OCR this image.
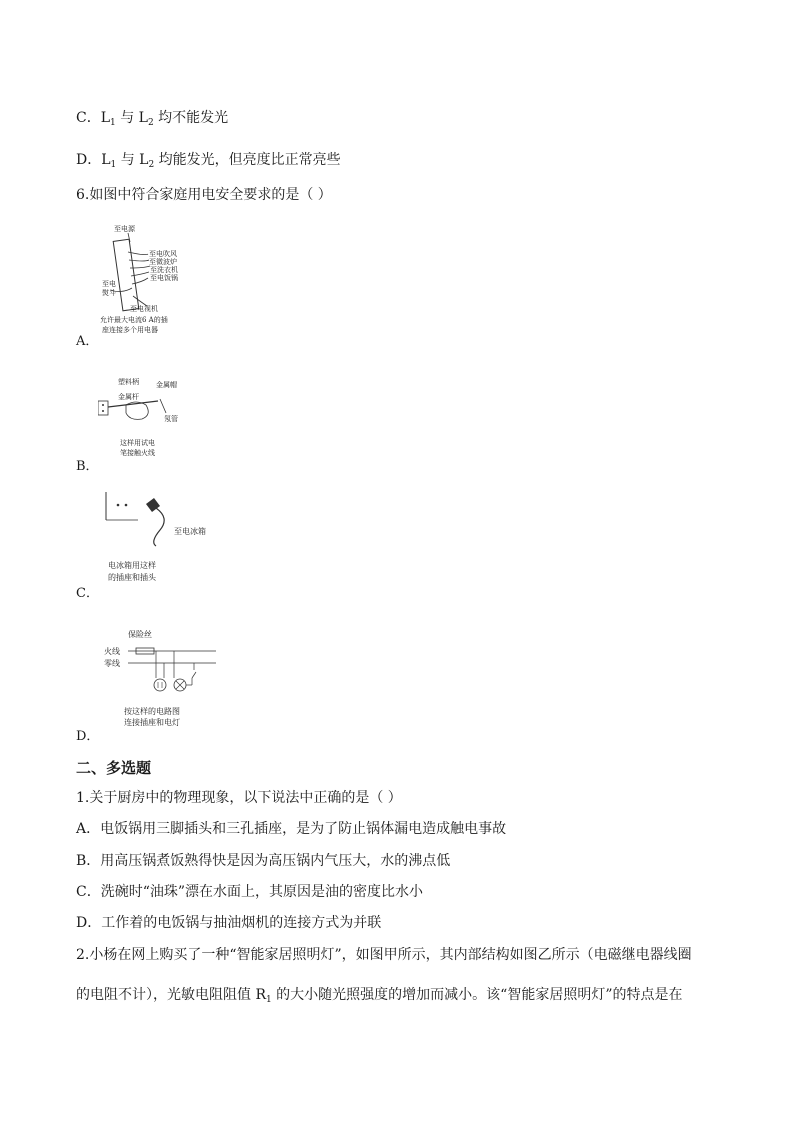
C．$L_1$ 与 $L_2$ 均不能发光
D．$L_1$ 与 $L_2$ 均能发光，但亮度比正常亮些
6.如图中符合家庭用电安全要求的是（ ）
至电源
至电吹风
至微波炉
至洗衣机
至电饭锅
至电
熨斗
至电视机
允许最大电流6 A的插
座连接多个用电器
A．
塑料柄 金属帽
金属杆
氖管
这样用试电
笔接触火线
B．
至电冰箱
电冰箱用这样
的插座和插头
C．
保险丝
火线
零线
按这样的电路图
连接插座和电灯
D．
二、多选题
1.关于厨房中的物理现象，以下说法中正确的是（ ）
A．电饭锅用三脚插头和三孔插座，是为了防止锅体漏电造成触电事故
B．用高压锅煮饭熟得快是因为高压锅内气压大，水的沸点低
C．洗碗时“油珠”漂在水面上，其原因是油的密度比水小
D．工作着的电饭锅与抽油烟机的连接方式为并联
2.小杨在网上购买了一种“智能家居照明灯”，如图甲所示，其内部结构如图乙所示（电磁继电器线圈
的电阻不计），光敏电阻阻值 $R_1$ 的大小随光照强度的增加而减小。该“智能家居照明灯”的特点是在
